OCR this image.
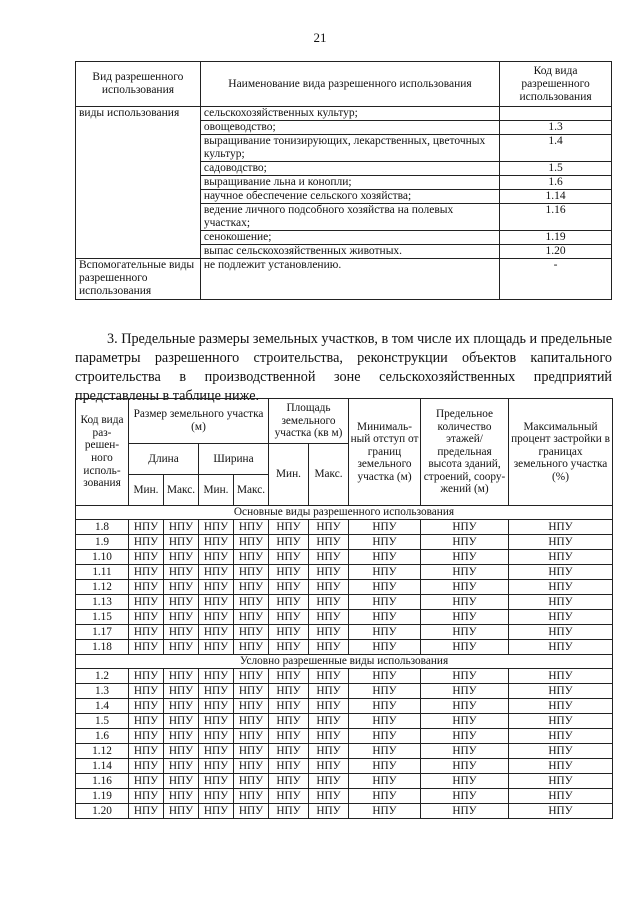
21
Вид разрешенного использования	Наименование вида разрешенного использования	Код вида разрешенного использования
виды использования	сельскохозяйственных культур;	
	овощеводство;	1.3
	выращивание тонизирующих, лекарственных, цветочных культур;	1.4
	садоводство;	1.5
	выращивание льна и конопли;	1.6
	научное обеспечение сельского хозяйства;	1.14
	ведение личного подсобного хозяйства на полевых участках;	1.16
	сенокошение;	1.19
	выпас сельскохозяйственных животных.	1.20
Вспомогательные виды разрешенного использования	не подлежит установлению.	-
3. Предельные размеры земельных участков, в том числе их площадь и предельные параметры разрешенного строительства, реконструкции объектов капитального строительства в производственной зоне сельскохозяйственных предприятий представлены в таблице ниже.
Код вида раз-решен-ного исполь-зования	Размер земельного участка (м)				Площадь земельного участка (кв м)		Минималь-ный отступ от границ земельного участка (м)	Предельное количество этажей/ предельная высота зданий, строений, соору-жений (м)	Максимальный процент застройки в границах земельного участка (%)
	Длина		Ширина		Мин.	Макс.			
	Мин.	Макс.	Мин.	Макс.					
Основные виды разрешенного использования									
1.8	НПУ	НПУ	НПУ	НПУ	НПУ	НПУ	НПУ	НПУ	НПУ
1.9	НПУ	НПУ	НПУ	НПУ	НПУ	НПУ	НПУ	НПУ	НПУ
1.10	НПУ	НПУ	НПУ	НПУ	НПУ	НПУ	НПУ	НПУ	НПУ
1.11	НПУ	НПУ	НПУ	НПУ	НПУ	НПУ	НПУ	НПУ	НПУ
1.12	НПУ	НПУ	НПУ	НПУ	НПУ	НПУ	НПУ	НПУ	НПУ
1.13	НПУ	НПУ	НПУ	НПУ	НПУ	НПУ	НПУ	НПУ	НПУ
1.15	НПУ	НПУ	НПУ	НПУ	НПУ	НПУ	НПУ	НПУ	НПУ
1.17	НПУ	НПУ	НПУ	НПУ	НПУ	НПУ	НПУ	НПУ	НПУ
1.18	НПУ	НПУ	НПУ	НПУ	НПУ	НПУ	НПУ	НПУ	НПУ
Условно разрешенные виды использования									
1.2	НПУ	НПУ	НПУ	НПУ	НПУ	НПУ	НПУ	НПУ	НПУ
1.3	НПУ	НПУ	НПУ	НПУ	НПУ	НПУ	НПУ	НПУ	НПУ
1.4	НПУ	НПУ	НПУ	НПУ	НПУ	НПУ	НПУ	НПУ	НПУ
1.5	НПУ	НПУ	НПУ	НПУ	НПУ	НПУ	НПУ	НПУ	НПУ
1.6	НПУ	НПУ	НПУ	НПУ	НПУ	НПУ	НПУ	НПУ	НПУ
1.12	НПУ	НПУ	НПУ	НПУ	НПУ	НПУ	НПУ	НПУ	НПУ
1.14	НПУ	НПУ	НПУ	НПУ	НПУ	НПУ	НПУ	НПУ	НПУ
1.16	НПУ	НПУ	НПУ	НПУ	НПУ	НПУ	НПУ	НПУ	НПУ
1.19	НПУ	НПУ	НПУ	НПУ	НПУ	НПУ	НПУ	НПУ	НПУ
1.20	НПУ	НПУ	НПУ	НПУ	НПУ	НПУ	НПУ	НПУ	НПУ
